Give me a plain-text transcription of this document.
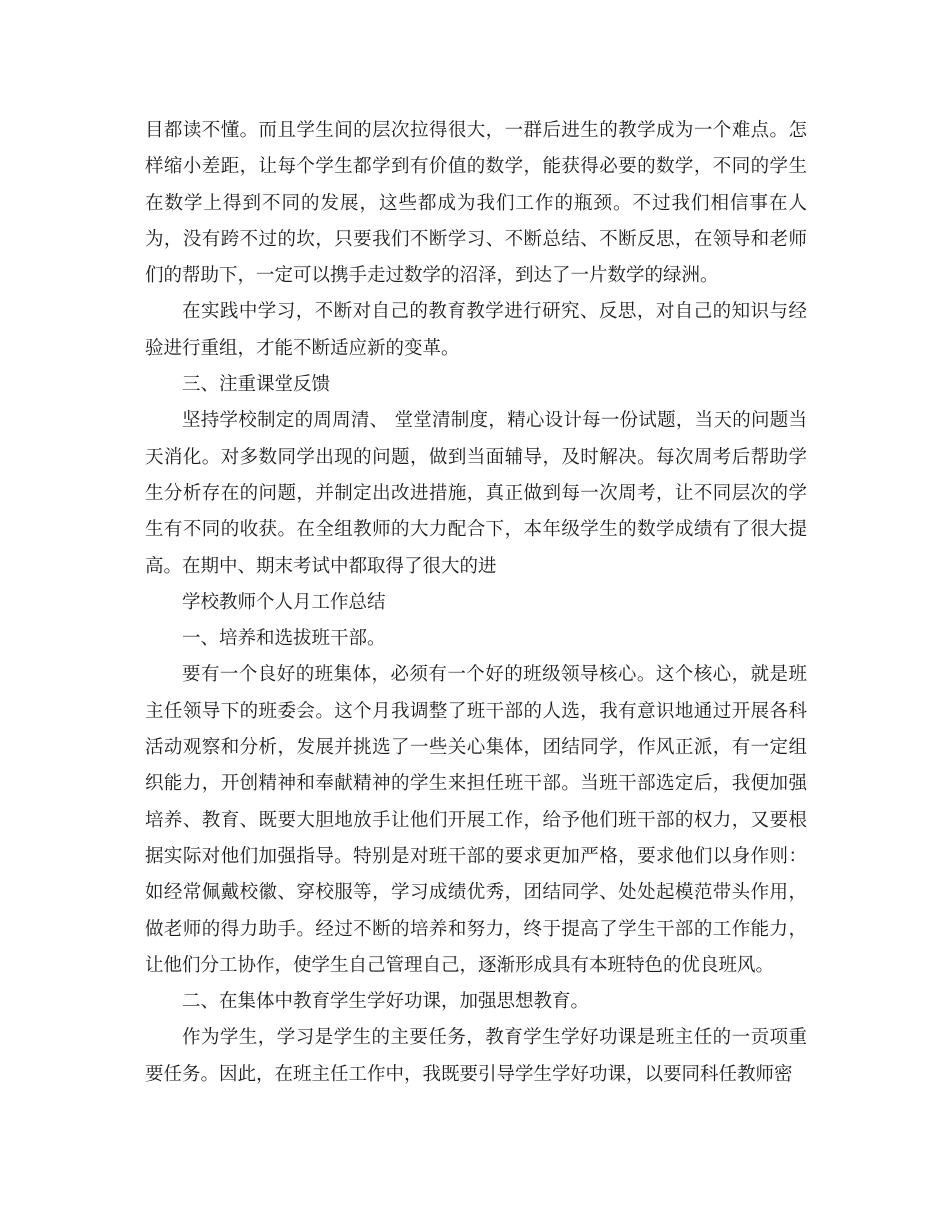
目都读不懂。而且学生间的层次拉得很大，一群后进生的教学成为一个难点。怎样缩小差距，让每个学生都学到有价值的数学，能获得必要的数学，不同的学生在数学上得到不同的发展，这些都成为我们工作的瓶颈。不过我们相信事在人为，没有跨不过的坎，只要我们不断学习、不断总结、不断反思，在领导和老师们的帮助下，一定可以携手走过数学的沼泽，到达了一片数学的绿洲。

在实践中学习，不断对自己的教育教学进行研究、反思，对自己的知识与经验进行重组，才能不断适应新的变革。

三、注重课堂反馈

坚持学校制定的周周清、 堂堂清制度，精心设计每一份试题，当天的问题当天消化。对多数同学出现的问题，做到当面辅导，及时解决。每次周考后帮助学生分析存在的问题，并制定出改进措施，真正做到每一次周考，让不同层次的学生有不同的收获。在全组教师的大力配合下，本年级学生的数学成绩有了很大提高。在期中、期末考试中都取得了很大的进

学校教师个人月工作总结

一、培养和选拔班干部。

要有一个良好的班集体，必须有一个好的班级领导核心。这个核心，就是班主任领导下的班委会。这个月我调整了班干部的人选，我有意识地通过开展各科活动观察和分析，发展并挑选了一些关心集体，团结同学，作风正派，有一定组织能力，开创精神和奉献精神的学生来担任班干部。当班干部选定后，我便加强培养、教育、既要大胆地放手让他们开展工作，给予他们班干部的权力，又要根据实际对他们加强指导。特别是对班干部的要求更加严格，要求他们以身作则：如经常佩戴校徽、穿校服等，学习成绩优秀，团结同学、处处起模范带头作用，做老师的得力助手。经过不断的培养和努力，终于提高了学生干部的工作能力，让他们分工协作，使学生自己管理自己，逐渐形成具有本班特色的优良班风。

二、在集体中教育学生学好功课，加强思想教育。

作为学生，学习是学生的主要任务，教育学生学好功课是班主任的一贡项重要任务。因此，在班主任工作中，我既要引导学生学好功课，以要同科任教师密
